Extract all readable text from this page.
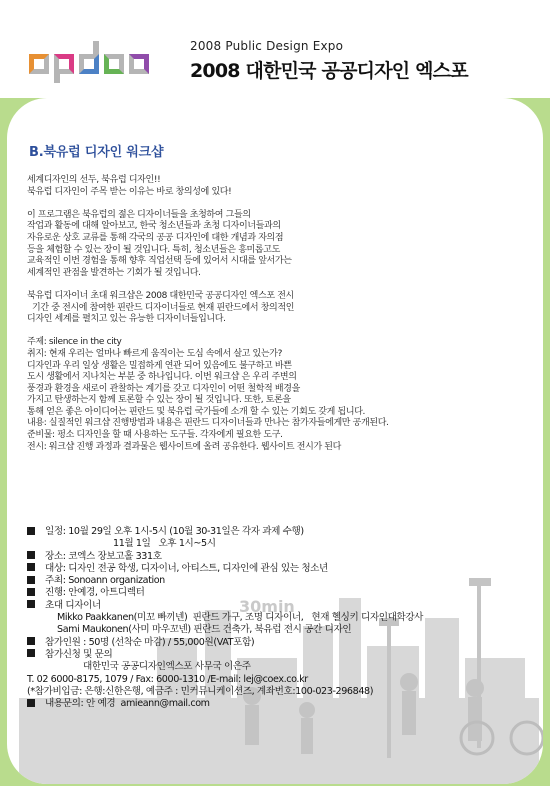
2008 Public Design Expo
2008 대한민국 공공디자인 엑스포
30min
B.북유럽 디자인 워크샵
세계디자인의 선두, 북유럽 디자인!!
북유럽 디자인이 주목 받는 이유는 바로 창의성에 있다!
이 프로그램은 북유럽의 젊은 디자이너들을 초청하여 그들의
작업과 활동에 대해 알아보고, 한국 청소년들과 초청 디자이너들과의
자유로운 상호 교류를 통해 각국의 공공 디자인에 대한 개념과 자의점
등을 체험할 수 있는 장이 될 것입니다. 특히, 청소년들은 흥미롭고도
교육적인 이번 경험을 통해 향후 직업선택 등에 있어서 시대를 앞서가는
세계적인 관점을 발견하는 기회가 될 것입니다.
북유럽 디자이너 초대 워크샵은 2008 대한민국 공공디자인 엑스포 전시
기간 중 전시에 참여한 핀란드 디자이너들로 현재 핀란드에서 창의적인
디자인 세계를 펼치고 있는 유능한 디자이너들입니다.
주제: silence in the city
취지: 현재 우리는 얼마나 빠르게 움직이는 도심 속에서 살고 있는가?
디자인과 우리 일상 생활은 밀접하게 연관 되어 있음에도 불구하고 바쁜
도시 생활에서 지나치는 부분 중 하나입니다. 이번 워크샵 은 우리 주변의
풍경과 환경을 새로이 관찰하는 계기를 갖고 디자인이 어떤 철학적 배경을
가지고 탄생하는지 함께 토론할 수 있는 장이 될 것입니다. 또한, 토론을
통해 얻은 좋은 아이디어는 핀란드 및 북유럽 국가들에 소개 할 수 있는 기회도 갖게 됩니다.
내용: 실질적인 워크샵 진행방법과 내용은 핀란드 디자이너들과 만나는 참가자들에게만 공개된다.
준비물: 펑소 디자인을 할 때 사용하는 도구들. 각자에게 필요한 도구.
전시: 워크샵 진행 과정과 결과물은 웹사이트에 올려 공유한다. 웹사이트 전시가 된다
일정: 10월 29일 오후 1시-5시 (10월 30-31일은 각자 과제 수행)
11월 1일   오후 1시~5시
장소: 코엑스 장보고홀 331호
대상: 디자인 전공 학생, 디자이너, 아티스트, 디자인에 관심 있는 청소년
주최: Sonoann organization
진행: 안예경, 아트디렉터
초대 디자이너
Mikko Paakkanen(미꼬 빠끼넨)  핀란드 가구, 조명 디자이너,   현재 헬싱키 디자인대학강사
Sami Maukonen(사미 마우꼬넨) 핀란드 건축가, 북유럽 전시 공간 디자인
참가인원 : 50명 (선착순 마감) / 55,000원(VAT포함)
참가신청 및 문의
대한민국 공공디자인엑스포 사무국 이은주
T. 02 6000-8175, 1079 / Fax: 6000-1310 /E-mail: lej@coex.co.kr
(*참가비입금: 은행:신한은행, 예금주 : 민커뮤니케이션즈, 계좌번호:100-023-296848)
내용문의: 안 예경  amieann@mail.com
